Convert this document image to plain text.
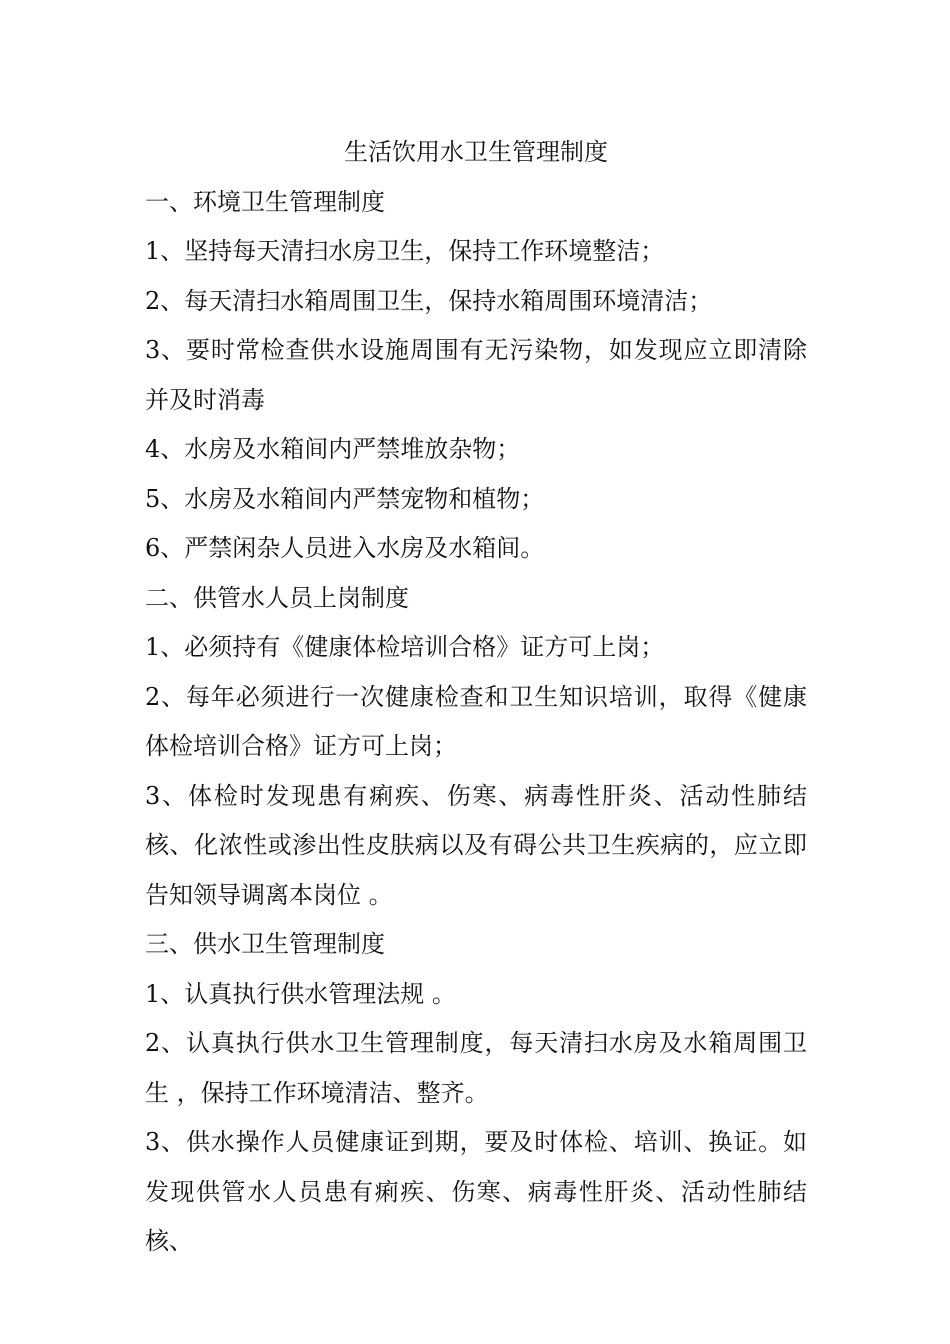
生活饮用水卫生管理制度

一、环境卫生管理制度

1、坚持每天清扫水房卫生，保持工作环境整洁；

2、每天清扫水箱周围卫生，保持水箱周围环境清洁；

3、要时常检查供水设施周围有无污染物，如发现应立即清除并及时消毒

4、水房及水箱间内严禁堆放杂物；

5、水房及水箱间内严禁宠物和植物；

6、严禁闲杂人员进入水房及水箱间。

二、供管水人员上岗制度

1、必须持有《健康体检培训合格》证方可上岗；

2、每年必须进行一次健康检查和卫生知识培训，取得《健康体检培训合格》证方可上岗；

3、体检时发现患有痢疾、伤寒、病毒性肝炎、活动性肺结核、化浓性或渗出性皮肤病以及有碍公共卫生疾病的，应立即告知领导调离本岗位 。

三、供水卫生管理制度

1、认真执行供水管理法规 。

2、认真执行供水卫生管理制度，每天清扫水房及水箱周围卫生 ，保持工作环境清洁、整齐。

3、供水操作人员健康证到期，要及时体检、培训、换证。如发现供管水人员患有痢疾、伤寒、病毒性肝炎、活动性肺结核、
